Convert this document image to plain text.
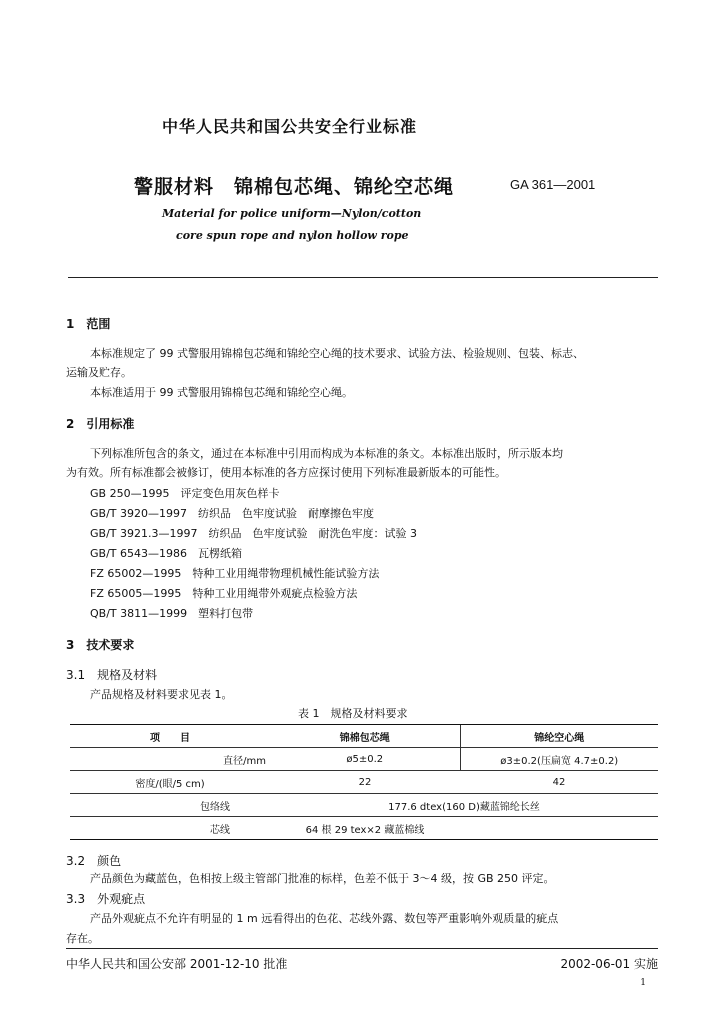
中华人民共和国公共安全行业标准
警服材料　锦棉包芯绳、锦纶空芯绳	GA 361—2001
Material for police uniform—Nylon/cotton
core spun rope and nylon hollow rope
1　范围
本标准规定了 99 式警服用锦棉包芯绳和锦纶空心绳的技术要求、试验方法、检验规则、包装、标志、
运输及贮存。
本标准适用于 99 式警服用锦棉包芯绳和锦纶空心绳。
2　引用标准
下列标准所包含的条文，通过在本标准中引用而构成为本标准的条文。本标准出版时，所示版本均
为有效。所有标准都会被修订，使用本标准的各方应探讨使用下列标准最新版本的可能性。
GB 250—1995　评定变色用灰色样卡
GB/T 3920—1997　纺织品　色牢度试验　耐摩擦色牢度
GB/T 3921.3—1997　纺织品　色牢度试验　耐洗色牢度：试验 3
GB/T 6543—1986　瓦楞纸箱
FZ 65002—1995　特种工业用绳带物理机械性能试验方法
FZ 65005—1995　特种工业用绳带外观疵点检验方法
QB/T 3811—1999　塑料打包带
3　技术要求
3.1　规格及材料
产品规格及材料要求见表 1。
表 1　规格及材料要求
项　　目	锦棉包芯绳	锦纶空心绳
直径/mm	ø5±0.2	ø3±0.2(压扁宽 4.7±0.2)
密度/(眼/5 cm)	22	42
包络线	177.6 dtex(160 D)藏蓝锦纶长丝	
芯线	64 根 29 tex×2 藏蓝棉线	
3.2　颜色
产品颜色为藏蓝色，色相按上级主管部门批准的标样，色差不低于 3～4 级，按 GB 250 评定。
3.3　外观疵点
产品外观疵点不允许有明显的 1 m 远看得出的色花、芯线外露、数包等严重影响外观质量的疵点
存在。
中华人民共和国公安部 2001-12-10 批准	2002-06-01 实施
1
